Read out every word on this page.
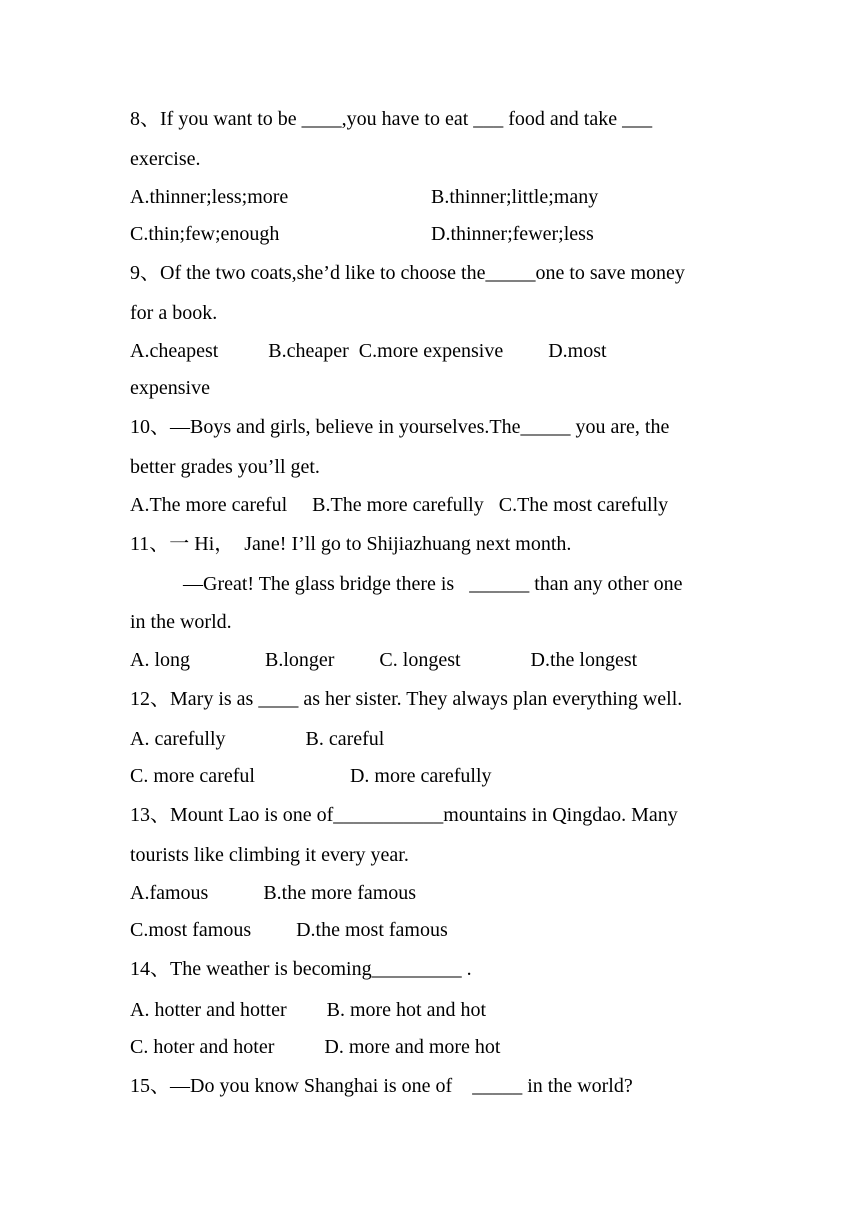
8、If you want to be ____,you have to eat ___ food and take ___
exercise.
A.thinner;less;more	B.thinner;little;many
C.thin;few;enough	D.thinner;fewer;less
9、Of the two coats,she’d like to choose the_____one to save money
for a book.
A.cheapest          B.cheaper  C.more expensive         D.most
expensive
10、—Boys and girls, believe in yourselves.The_____ you are, the
better grades you’ll get.
A.The more careful     B.The more carefully   C.The most carefully
11、一 Hi，  Jane! I’ll go to Shijiazhuang next month.
—Great! The glass bridge there is   ______ than any other one
in the world.
A. long               B.longer         C. longest              D.the longest
12、Mary is as ____ as her sister. They always plan everything well.
A. carefully                B. careful
C. more careful                   D. more carefully
13、Mount Lao is one of___________mountains in Qingdao. Many
tourists like climbing it every year.
A.famous           B.the more famous
C.most famous         D.the most famous
14、The weather is becoming_________ .
A. hotter and hotter        B. more hot and hot
C. hoter and hoter          D. more and more hot
15、—Do you know Shanghai is one of    _____ in the world?
